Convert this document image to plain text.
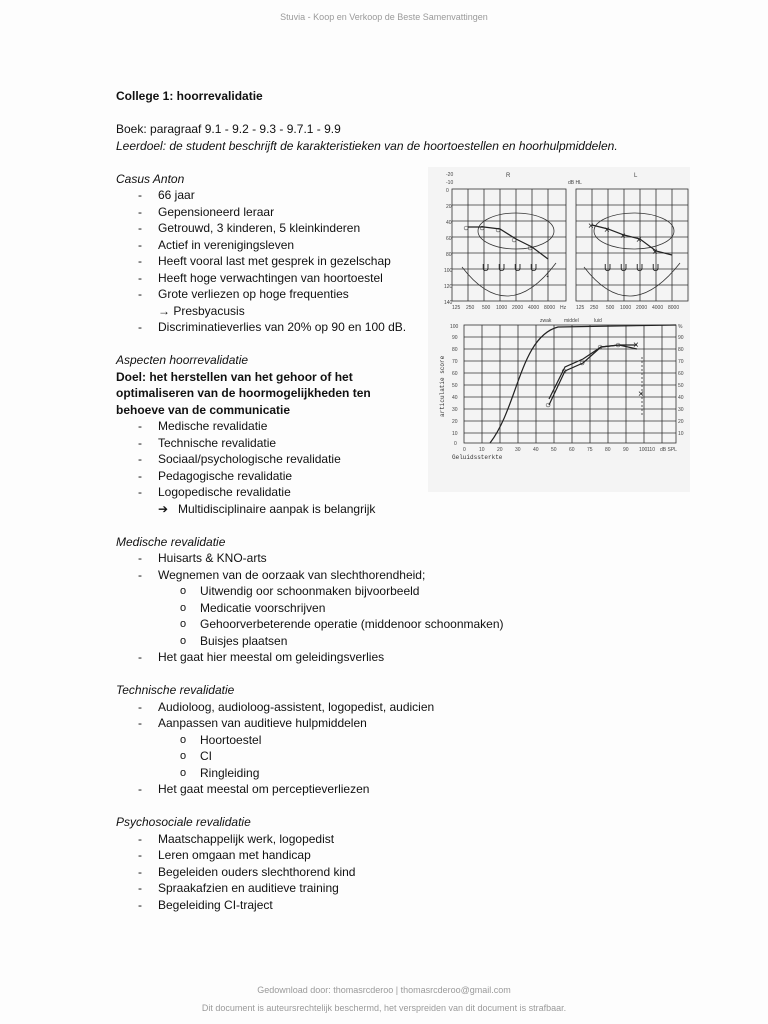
Stuvia - Koop en Verkoop de Beste Samenvattingen

College 1: hoorrevalidatie

Boek: paragraaf 9.1 - 9.2 - 9.3 - 9.7.1 - 9.9

Leerdoel: de student beschrijft de karakteristieken van de hoortoestellen en hoorhulpmiddelen.

Casus Anton

- 66 jaar
- Gepensioneerd leraar
- Getrouwd, 3 kinderen, 5 kleinkinderen
- Actief in verenigingsleven
- Heeft vooral last met gesprek in gezelschap
- Heeft hoge verwachtingen van hoortoestel
- Grote verliezen op hoge frequenties → Presbyacusis
- Discriminatieverlies van 20% op 90 en 100 dB.

Aspecten hoorrevalidatie

Doel: het herstellen van het gehoor of het optimaliseren van de hoormogelijkheden ten behoeve van de communicatie

- Medische revalidatie
- Technische revalidatie
- Sociaal/psychologische revalidatie
- Pedagogische revalidatie
- Logopedische revalidatie

➔ Multidisciplinaire aanpak is belangrijk

Medische revalidatie

- Huisarts & KNO-arts
- Wegnemen van de oorzaak van slechthorendheid;
o Uitwendig oor schoonmaken bijvoorbeeld
o Medicatie voorschrijven
o Gehoorverbeterende operatie (middenoor schoonmaken)
o Buisjes plaatsen
- Het gaat hier meestal om geleidingsverlies

Technische revalidatie

- Audioloog, audioloog-assistent, logopedist, audicien
- Aanpassen van auditieve hulpmiddelen
o Hoortoestel
o CI
o Ringleiding
- Het gaat meestal om perceptieverliezen

Psychosociale revalidatie

- Maatschappelijk werk, logopedist
- Leren omgaan met handicap
- Begeleiden ouders slechthorend kind
- Spraakafzien en auditieve training
- Begeleiding CI-traject
○ ○ ○
○
○
U U U U
↓
R
× ×
× ×
×
U U U U
L
-20
-10
0
20
40
60
80
100
120
140
dB HL
125 250 500 1000 2000 4000 8000 Hz 125 250 500 1000 2000 4000 8000
○
○
○
○ ○ ×
×
100
90
80
70
60
50
40
30
20
10
0
%
90
80
70
60
50
40
30
20
10
0	10 20 30 40 50 60 75 80 90 100 110 dB SPL
zwak	middel	luid
Geluidssterkte
articulatie score
Gedownload door: thomasrcderoo | thomasrcderoo@gmail.com
Dit document is auteursrechtelijk beschermd, het verspreiden van dit document is strafbaar.
